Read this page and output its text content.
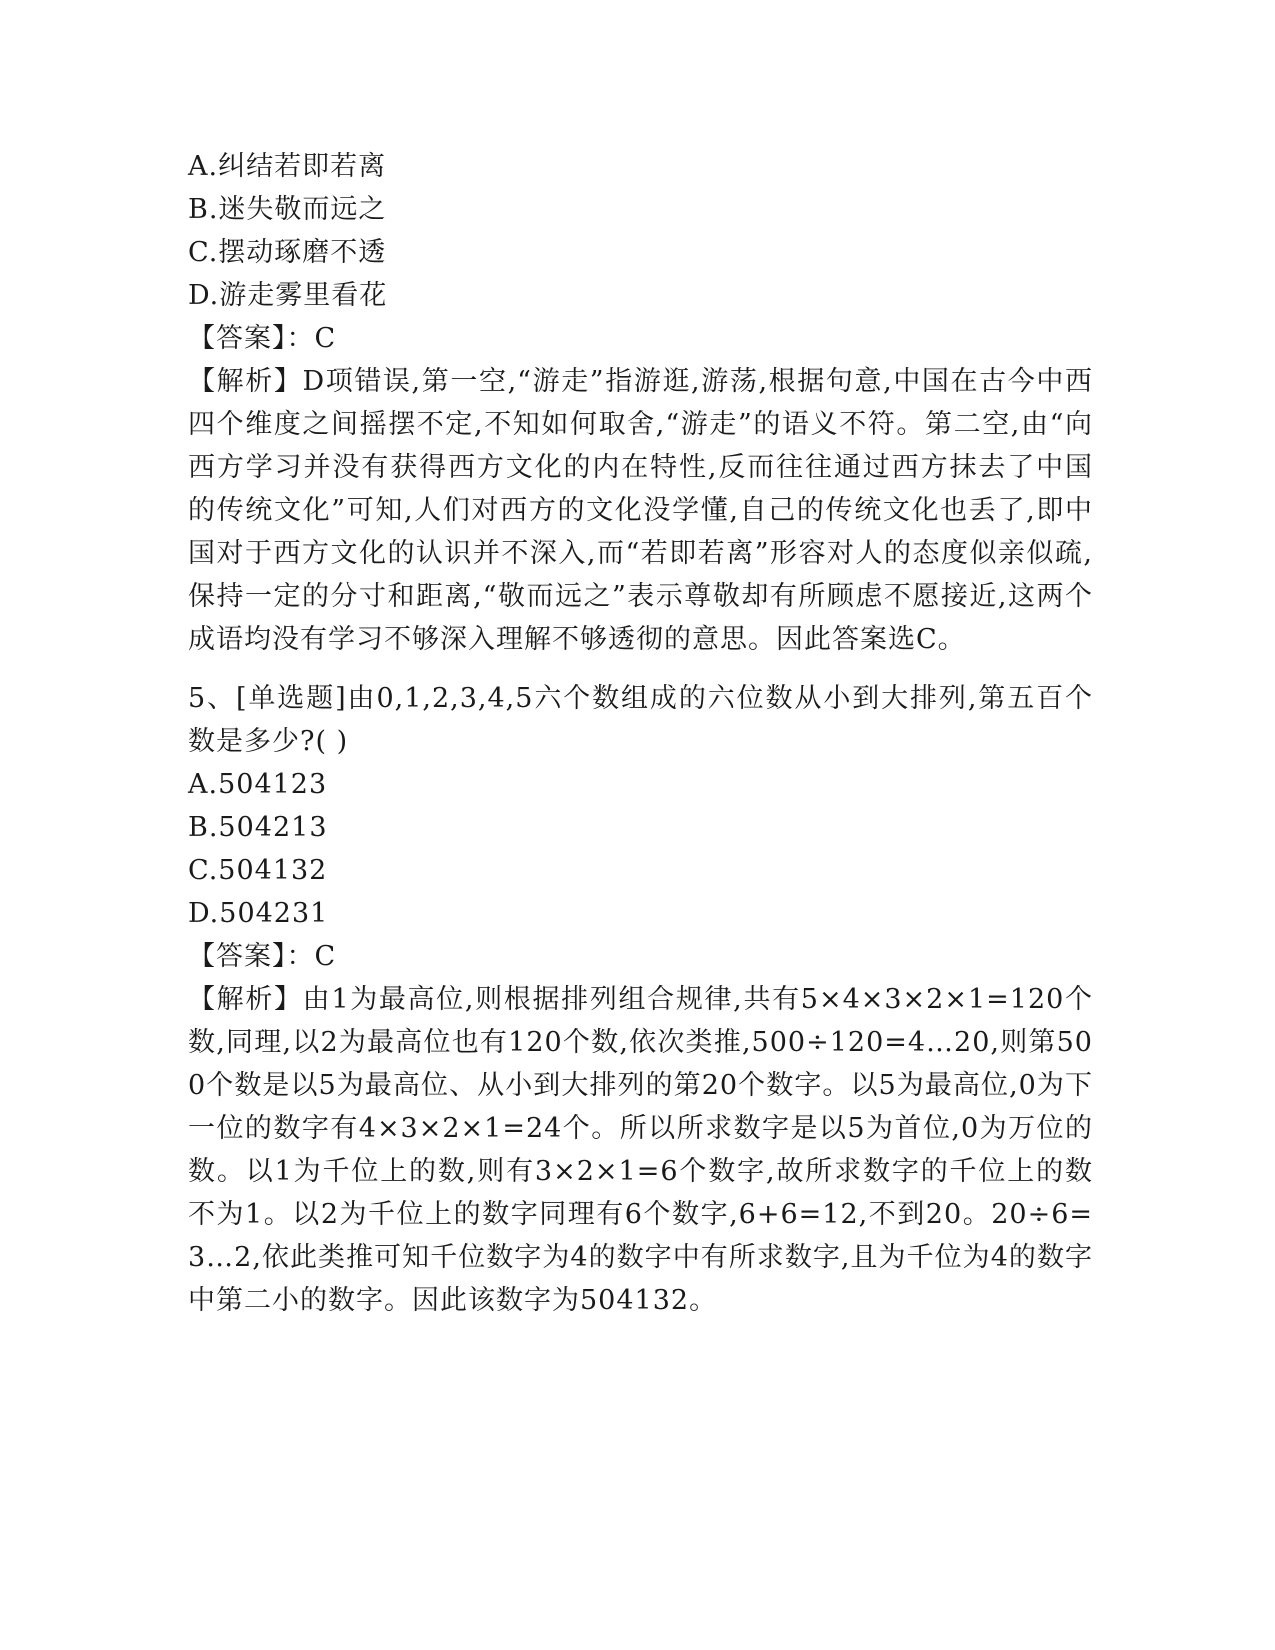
A.纠结若即若离
B.迷失敬而远之
C.摆动琢磨不透
D.游走雾里看花
【答案】：C

【解析】D项错误,第一空,“游走”指游逛,游荡,根据句意,中国在古今中西四个维度之间摇摆不定,不知如何取舍,“游走”的语义不符。第二空,由“向西方学习并没有获得西方文化的内在特性,反而往往通过西方抹去了中国的传统文化”可知,人们对西方的文化没学懂,自己的传统文化也丢了,即中国对于西方文化的认识并不深入,而“若即若离”形容对人的态度似亲似疏,保持一定的分寸和距离,“敬而远之”表示尊敬却有所顾虑不愿接近,这两个成语均没有学习不够深入理解不够透彻的意思。因此答案选C。

5、[单选题]由0,1,2,3,4,5六个数组成的六位数从小到大排列,第五百个数是多少?( )

A.504123
B.504213
C.504132
D.504231
【答案】：C

【解析】由1为最高位,则根据排列组合规律,共有5×4×3×2×1=120个数,同理,以2为最高位也有120个数,依次类推,500÷120=4…20,则第500个数是以5为最高位、从小到大排列的第20个数字。以5为最高位,0为下一位的数字有4×3×2×1=24个。所以所求数字是以5为首位,0为万位的数。以1为千位上的数,则有3×2×1=6个数字,故所求数字的千位上的数不为1。以2为千位上的数字同理有6个数字,6+6=12,不到20。20÷6=3…2,依此类推可知千位数字为4的数字中有所求数字,且为千位为4的数字中第二小的数字。因此该数字为504132。
